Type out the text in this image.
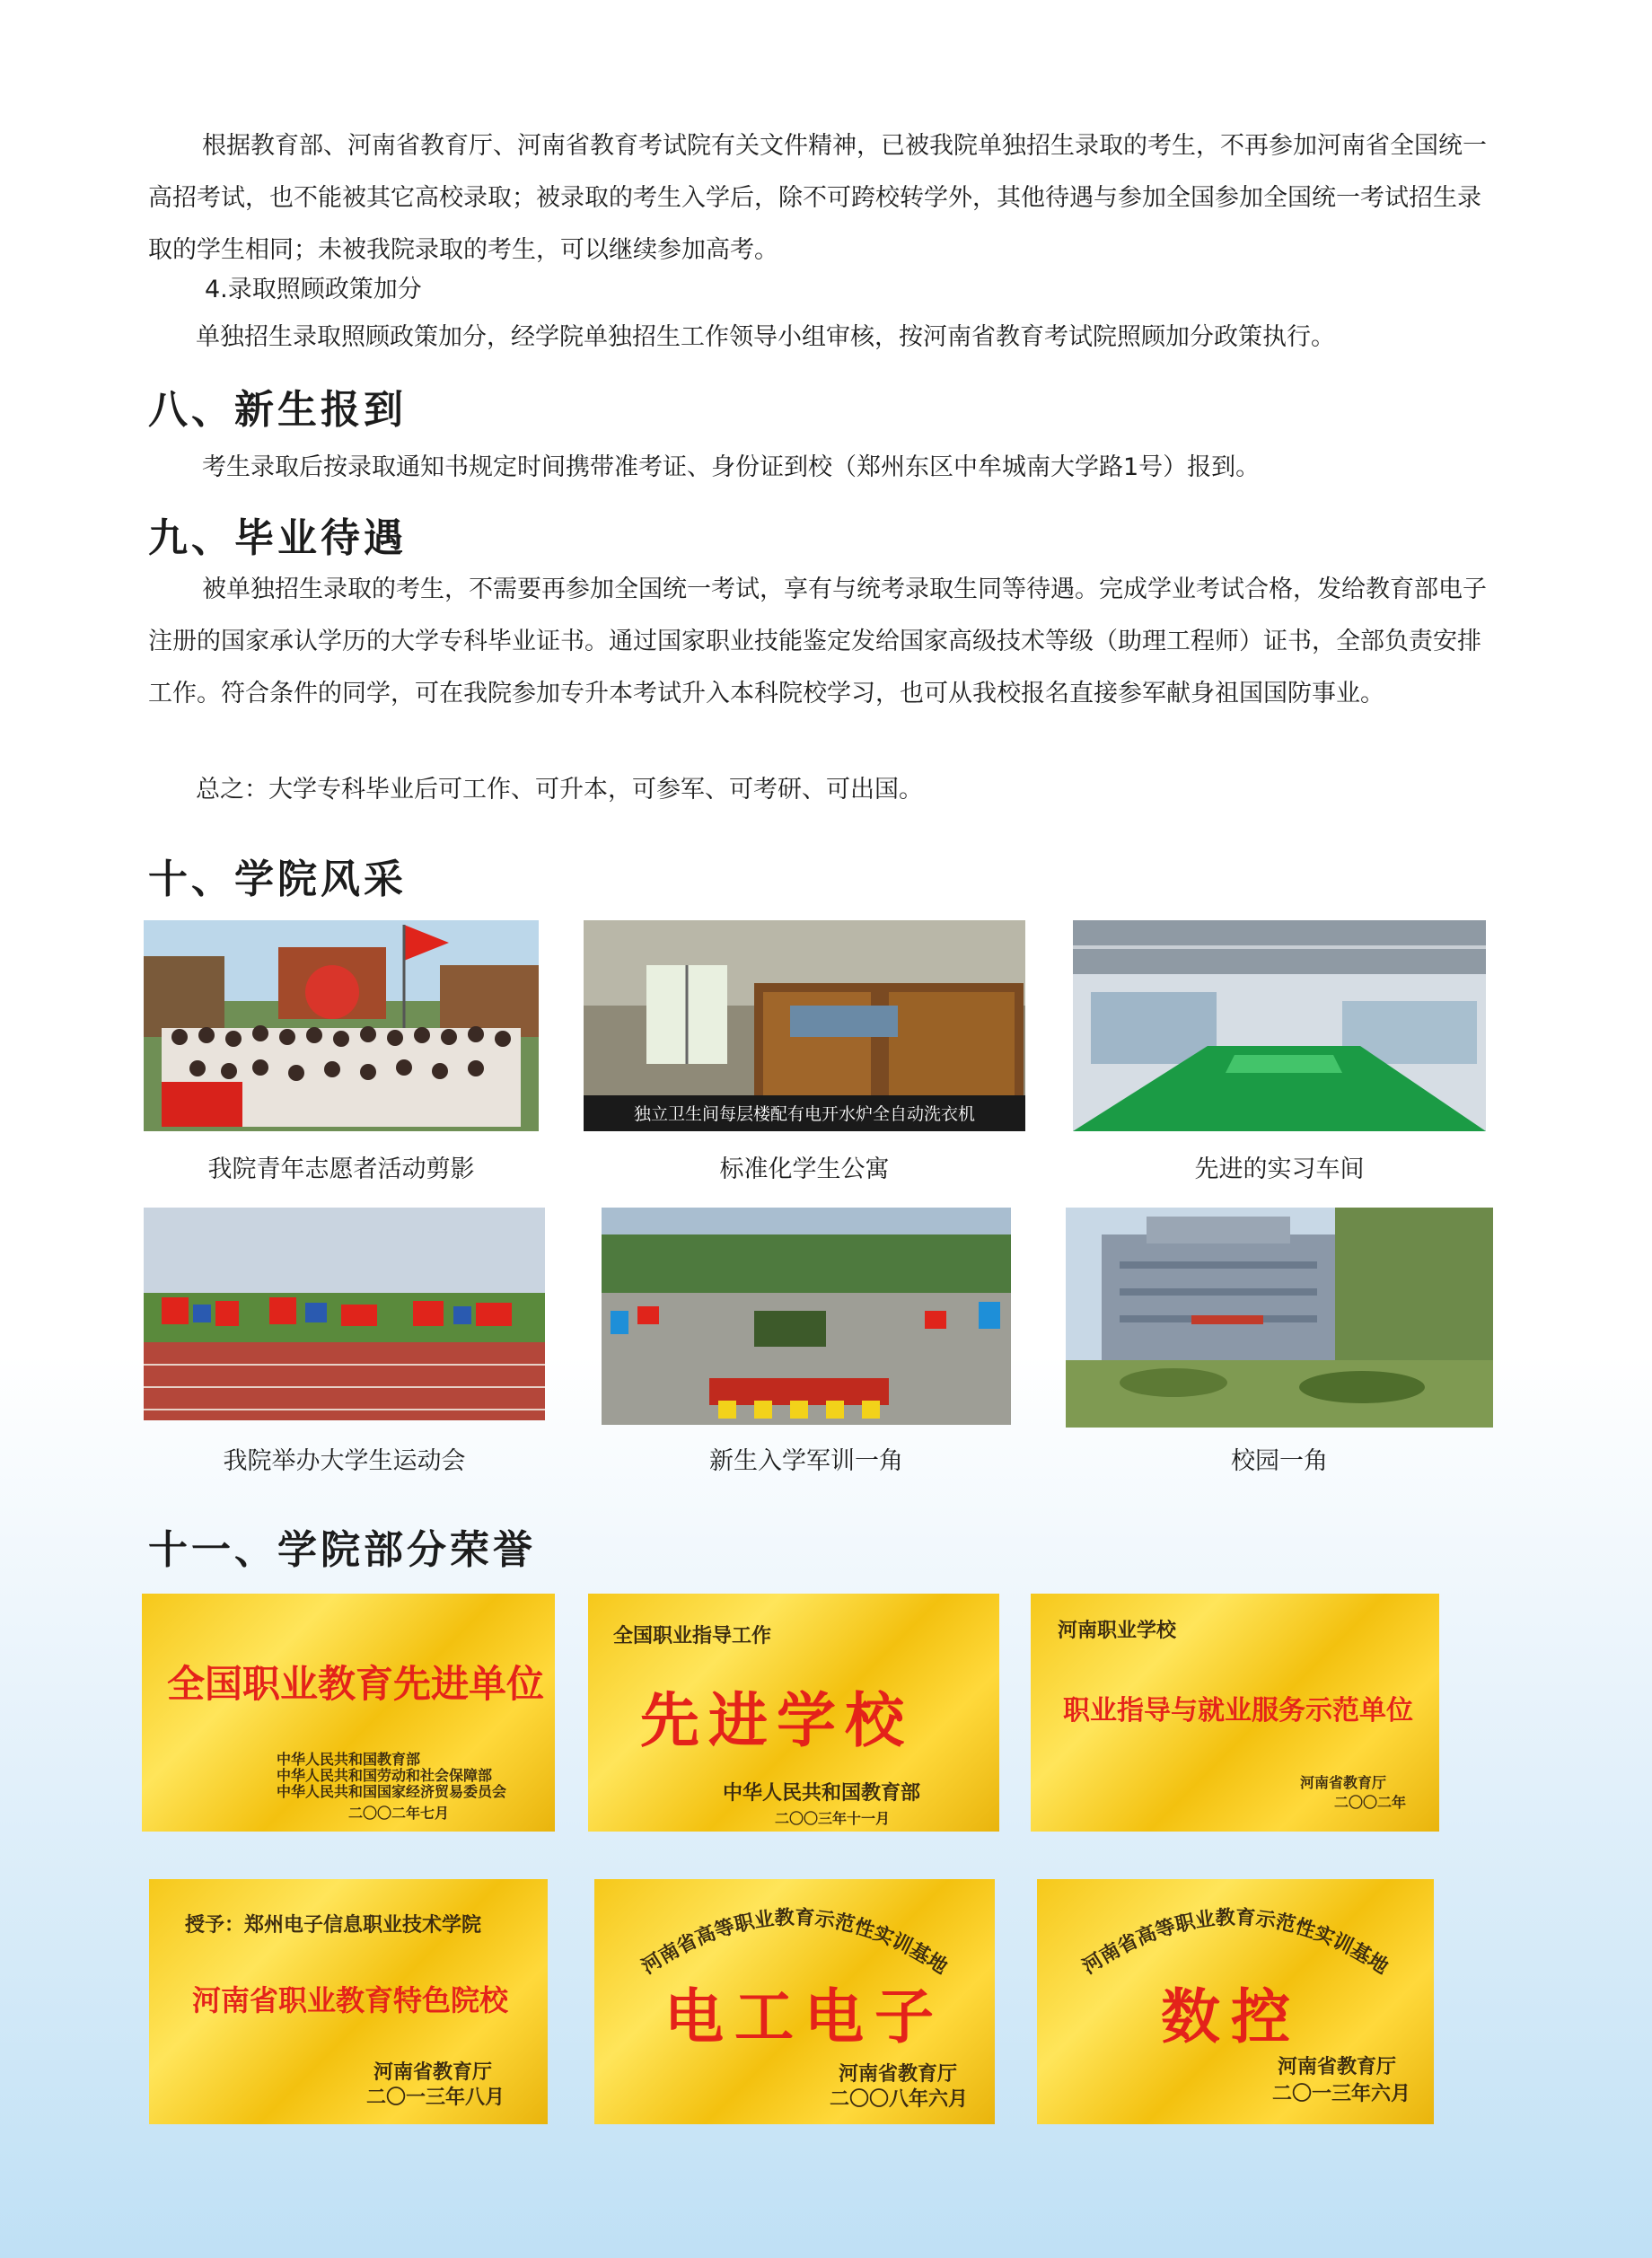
根据教育部、河南省教育厅、河南省教育考试院有关文件精神，已被我院单独招生录取的考生，不再参加河南省全国统一高招考试，也不能被其它高校录取；被录取的考生入学后，除不可跨校转学外，其他待遇与参加全国参加全国统一考试招生录取的学生相同；未被我院录取的考生，可以继续参加高考。

4.录取照顾政策加分

单独招生录取照顾政策加分，经学院单独招生工作领导小组审核，按河南省教育考试院照顾加分政策执行。

八、新生报到

考生录取后按录取通知书规定时间携带准考证、身份证到校（郑州东区中牟城南大学路1号）报到。

九、毕业待遇

被单独招生录取的考生，不需要再参加全国统一考试，享有与统考录取生同等待遇。完成学业考试合格，发给教育部电子注册的国家承认学历的大学专科毕业证书。通过国家职业技能鉴定发给国家高级技术等级（助理工程师）证书，全部负责安排工作。符合条件的同学，可在我院参加专升本考试升入本科院校学习，也可从我校报名直接参军献身祖国国防事业。

总之：大学专科毕业后可工作、可升本，可参军、可考研、可出国。

十、学院风采
我院青年志愿者活动剪影
独立卫生间每层楼配有电开水炉全自动洗衣机
标准化学生公寓	先进的实习车间
我院举办大学生运动会	新生入学军训一角	校园一角
十一、学院部分荣誉
全国职业教育先进单位
中华人民共和国教育部
中华人民共和国劳动和社会保障部
中华人民共和国国家经济贸易委员会
二〇〇二年七月
全国职业指导工作
先进学校
中华人民共和国教育部
二〇〇三年十一月
河南职业学校
职业指导与就业服务示范单位
河南省教育厅
二〇〇二年
授予：郑州电子信息职业技术学院
河南省职业教育特色院校
河南省教育厅
二〇一三年八月
河南省高等职业教育示范性实训基地
电工电子
河南省教育厅
二〇〇八年六月
河南省高等职业教育示范性实训基地
数控
河南省教育厅
二〇一三年六月
